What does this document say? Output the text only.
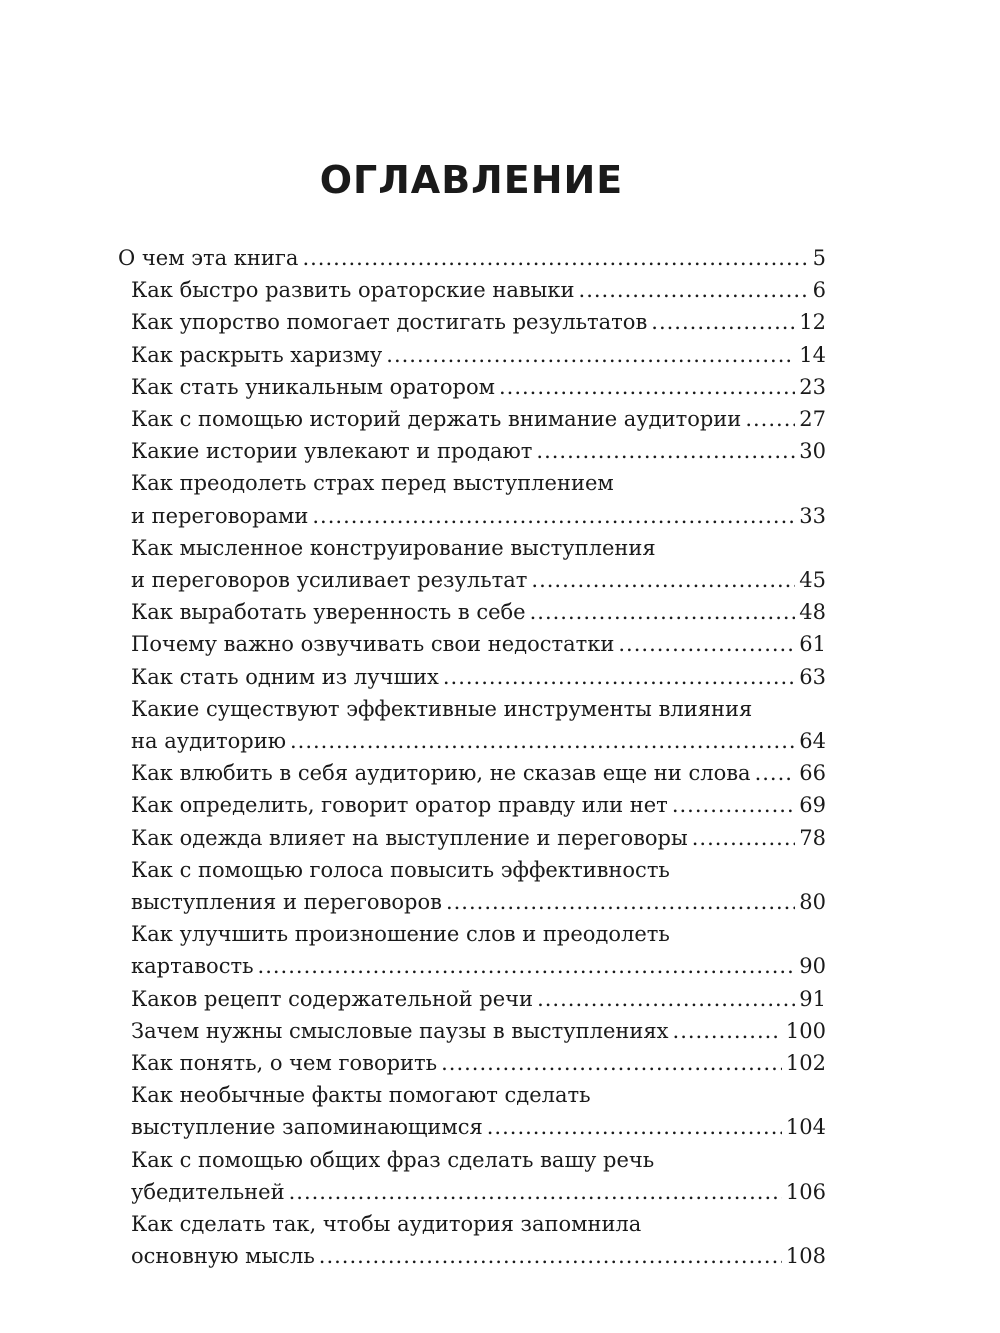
ОГЛАВЛЕНИЕ
О чем эта книга .....	5
Как быстро развить ораторские навыки .....	6
Как упорство помогает достигать результатов .....	12
Как раскрыть харизму .....	14
Как стать уникальным оратором .....	23
Как с помощью историй держать внимание аудитории .....	27
Какие истории увлекают и продают .....	30
Как преодолеть страх перед выступлением
и переговорами .....	33
Как мысленное конструирование выступления
и переговоров усиливает результат .....	45
Как выработать уверенность в себе .....	48
Почему важно озвучивать свои недостатки .....	61
Как стать одним из лучших .....	63
Какие существуют эффективные инструменты влияния
на аудиторию .....	64
Как влюбить в себя аудиторию, не сказав еще ни слова ..... 66
Как определить, говорит оратор правду или нет .....	69
Как одежда влияет на выступление и переговоры .....	78
Как с помощью голоса повысить эффективность
выступления и переговоров .....	80
Как улучшить произношение слов и преодолеть
картавость .....	90
Каков рецепт содержательной речи .....	91
Зачем нужны смысловые паузы в выступлениях .....	100
Как понять, о чем говорить .....	102
Как необычные факты помогают сделать
выступление запоминающимся .....	104
Как с помощью общих фраз сделать вашу речь
убедительней .....	106
Как сделать так, чтобы аудитория запомнила
основную мысль .....	108
